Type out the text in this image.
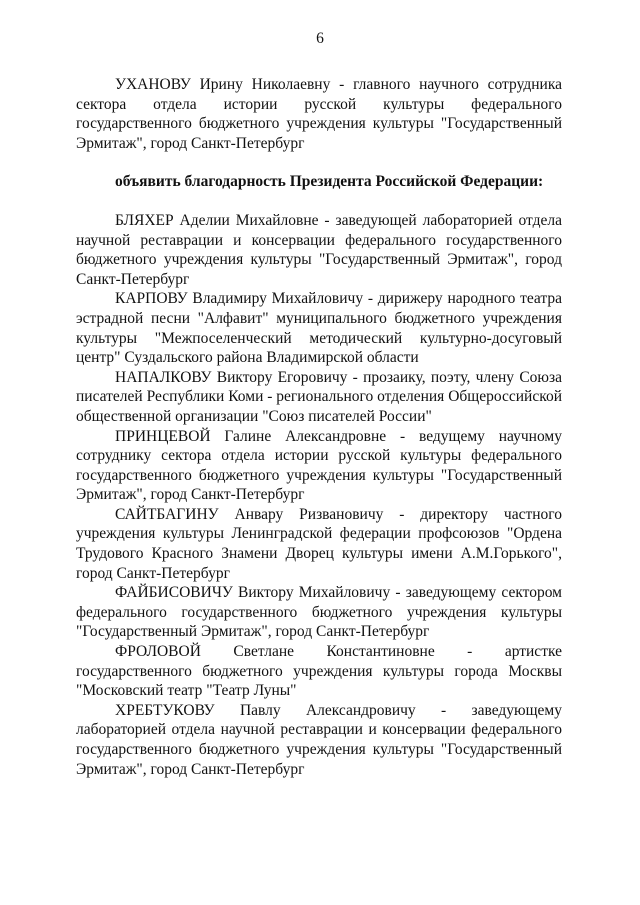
6

УХАНОВУ Ирину Николаевну - главного научного сотрудника сектора отдела истории русской культуры федерального государственного бюджетного учреждения культуры "Государственный Эрмитаж", город Санкт-Петербург

объявить благодарность Президента Российской Федерации:

БЛЯХЕР Аделии Михайловне - заведующей лабораторией отдела научной реставрации и консервации федерального государственного бюджетного учреждения культуры "Государственный Эрмитаж", город Санкт-Петербург

КАРПОВУ Владимиру Михайловичу - дирижеру народного театра эстрадной песни "Алфавит" муниципального бюджетного учреждения культуры "Межпоселенческий методический культурно-досуговый центр" Суздальского района Владимирской области

НАПАЛКОВУ Виктору Егоровичу - прозаику, поэту, члену Союза писателей Республики Коми - регионального отделения Общероссийской общественной организации "Союз писателей России"

ПРИНЦЕВОЙ Галине Александровне - ведущему научному сотруднику сектора отдела истории русской культуры федерального государственного бюджетного учреждения культуры "Государственный Эрмитаж", город Санкт-Петербург

САЙТБАГИНУ Анвару Ризвановичу - директору частного учреждения культуры Ленинградской федерации профсоюзов "Ордена Трудового Красного Знамени Дворец культуры имени А.М.Горького", город Санкт-Петербург

ФАЙБИСОВИЧУ Виктору Михайловичу - заведующему сектором федерального государственного бюджетного учреждения культуры "Государственный Эрмитаж", город Санкт-Петербург

ФРОЛОВОЙ Светлане Константиновне - артистке государственного бюджетного учреждения культуры города Москвы "Московский театр "Театр Луны"

ХРЕБТУКОВУ Павлу Александровичу - заведующему лабораторией отдела научной реставрации и консервации федерального государственного бюджетного учреждения культуры "Государственный Эрмитаж", город Санкт-Петербург
